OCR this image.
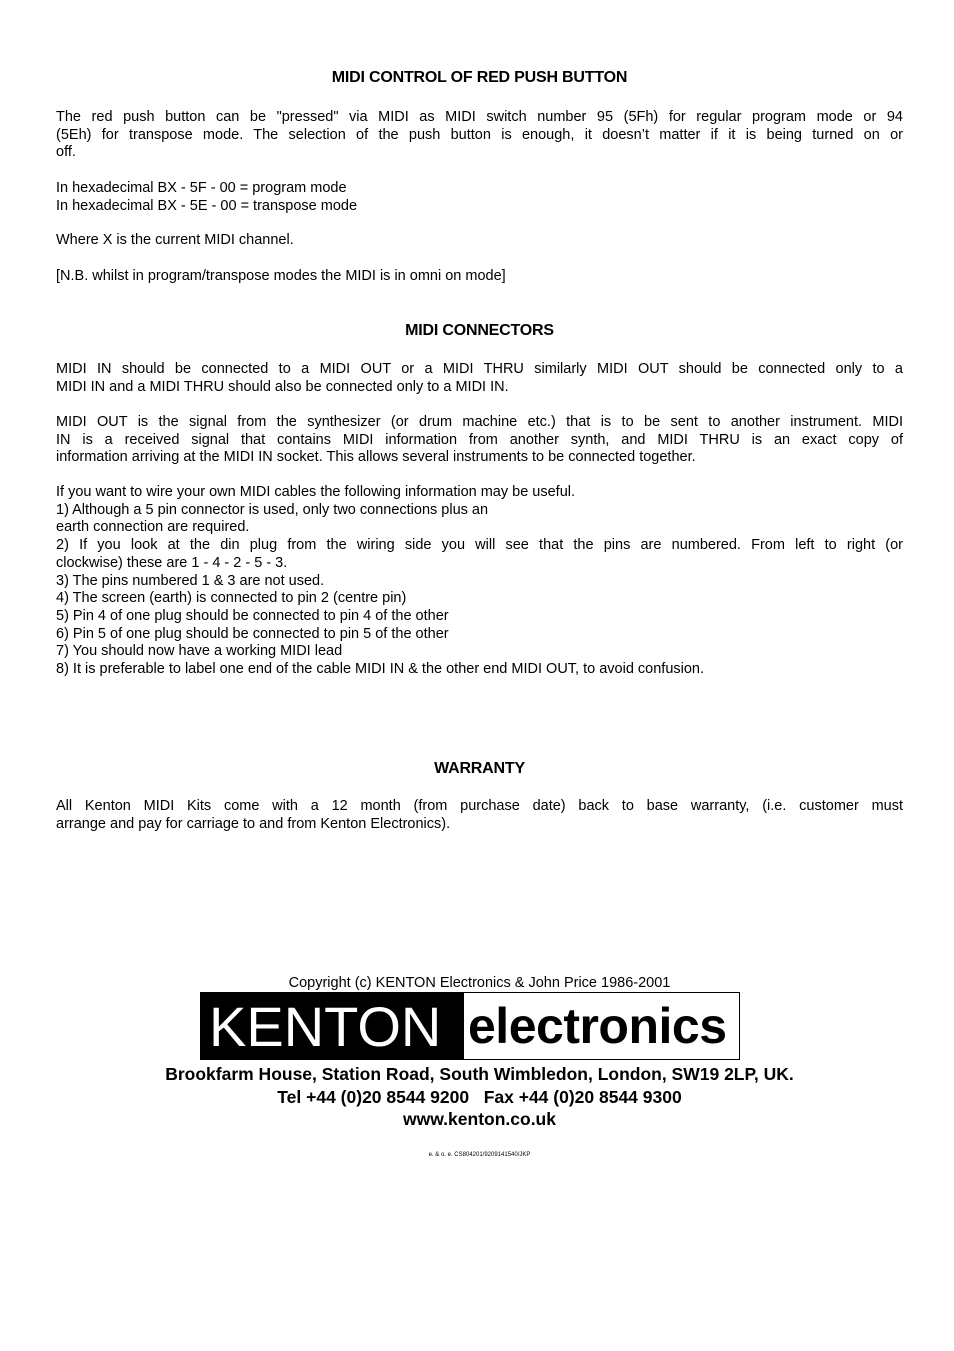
MIDI CONTROL OF RED PUSH BUTTON

The red push button can be "pressed" via MIDI as MIDI switch number 95 (5Fh) for regular program mode or 94
(5Eh) for transpose mode. The selection of the push button is enough, it doesn’t matter if it is being turned on or
off.

In hexadecimal BX - 5F - 00 = program mode
In hexadecimal BX - 5E - 00 = transpose mode

Where X is the current MIDI channel.

[N.B. whilst in program/transpose modes the MIDI is in omni on mode]

MIDI CONNECTORS

MIDI IN should be connected to a MIDI OUT or a MIDI THRU similarly MIDI OUT should be connected only to a
MIDI IN and a MIDI THRU should also be connected only to a MIDI IN.

MIDI OUT is the signal from the synthesizer (or drum machine etc.) that is to be sent to another instrument. MIDI
IN is a received signal that contains MIDI information from another synth, and MIDI THRU is an exact copy of
information arriving at the MIDI IN socket. This allows several instruments to be connected together.

If you want to wire your own MIDI cables the following information may be useful.
1) Although a 5 pin connector is used, only two connections plus an
earth connection are required.
2) If you look at the din plug from the wiring side you will see that the pins are numbered. From left to right (or
clockwise) these are 1 - 4 - 2 - 5 - 3.
3) The pins numbered 1 & 3 are not used.
4) The screen (earth) is connected to pin 2 (centre pin)
5) Pin 4 of one plug should be connected to pin 4 of the other
6) Pin 5 of one plug should be connected to pin 5 of the other
7) You should now have a working MIDI lead
8) It is preferable to label one end of the cable MIDI IN & the other end MIDI OUT, to avoid confusion.

WARRANTY

All Kenton MIDI Kits come with a 12 month (from purchase date) back to base warranty, (i.e. customer must
arrange and pay for carriage to and from Kenton Electronics).

Copyright (c) KENTON Electronics & John Price 1986-2001
KENTON electronics
Brookfarm House, Station Road, South Wimbledon, London, SW19 2LP, UK.
Tel +44 (0)20 8544 9200   Fax +44 (0)20 8544 9300
www.kenton.co.uk
e. & o. e. CS804201/9209141540/JKP
